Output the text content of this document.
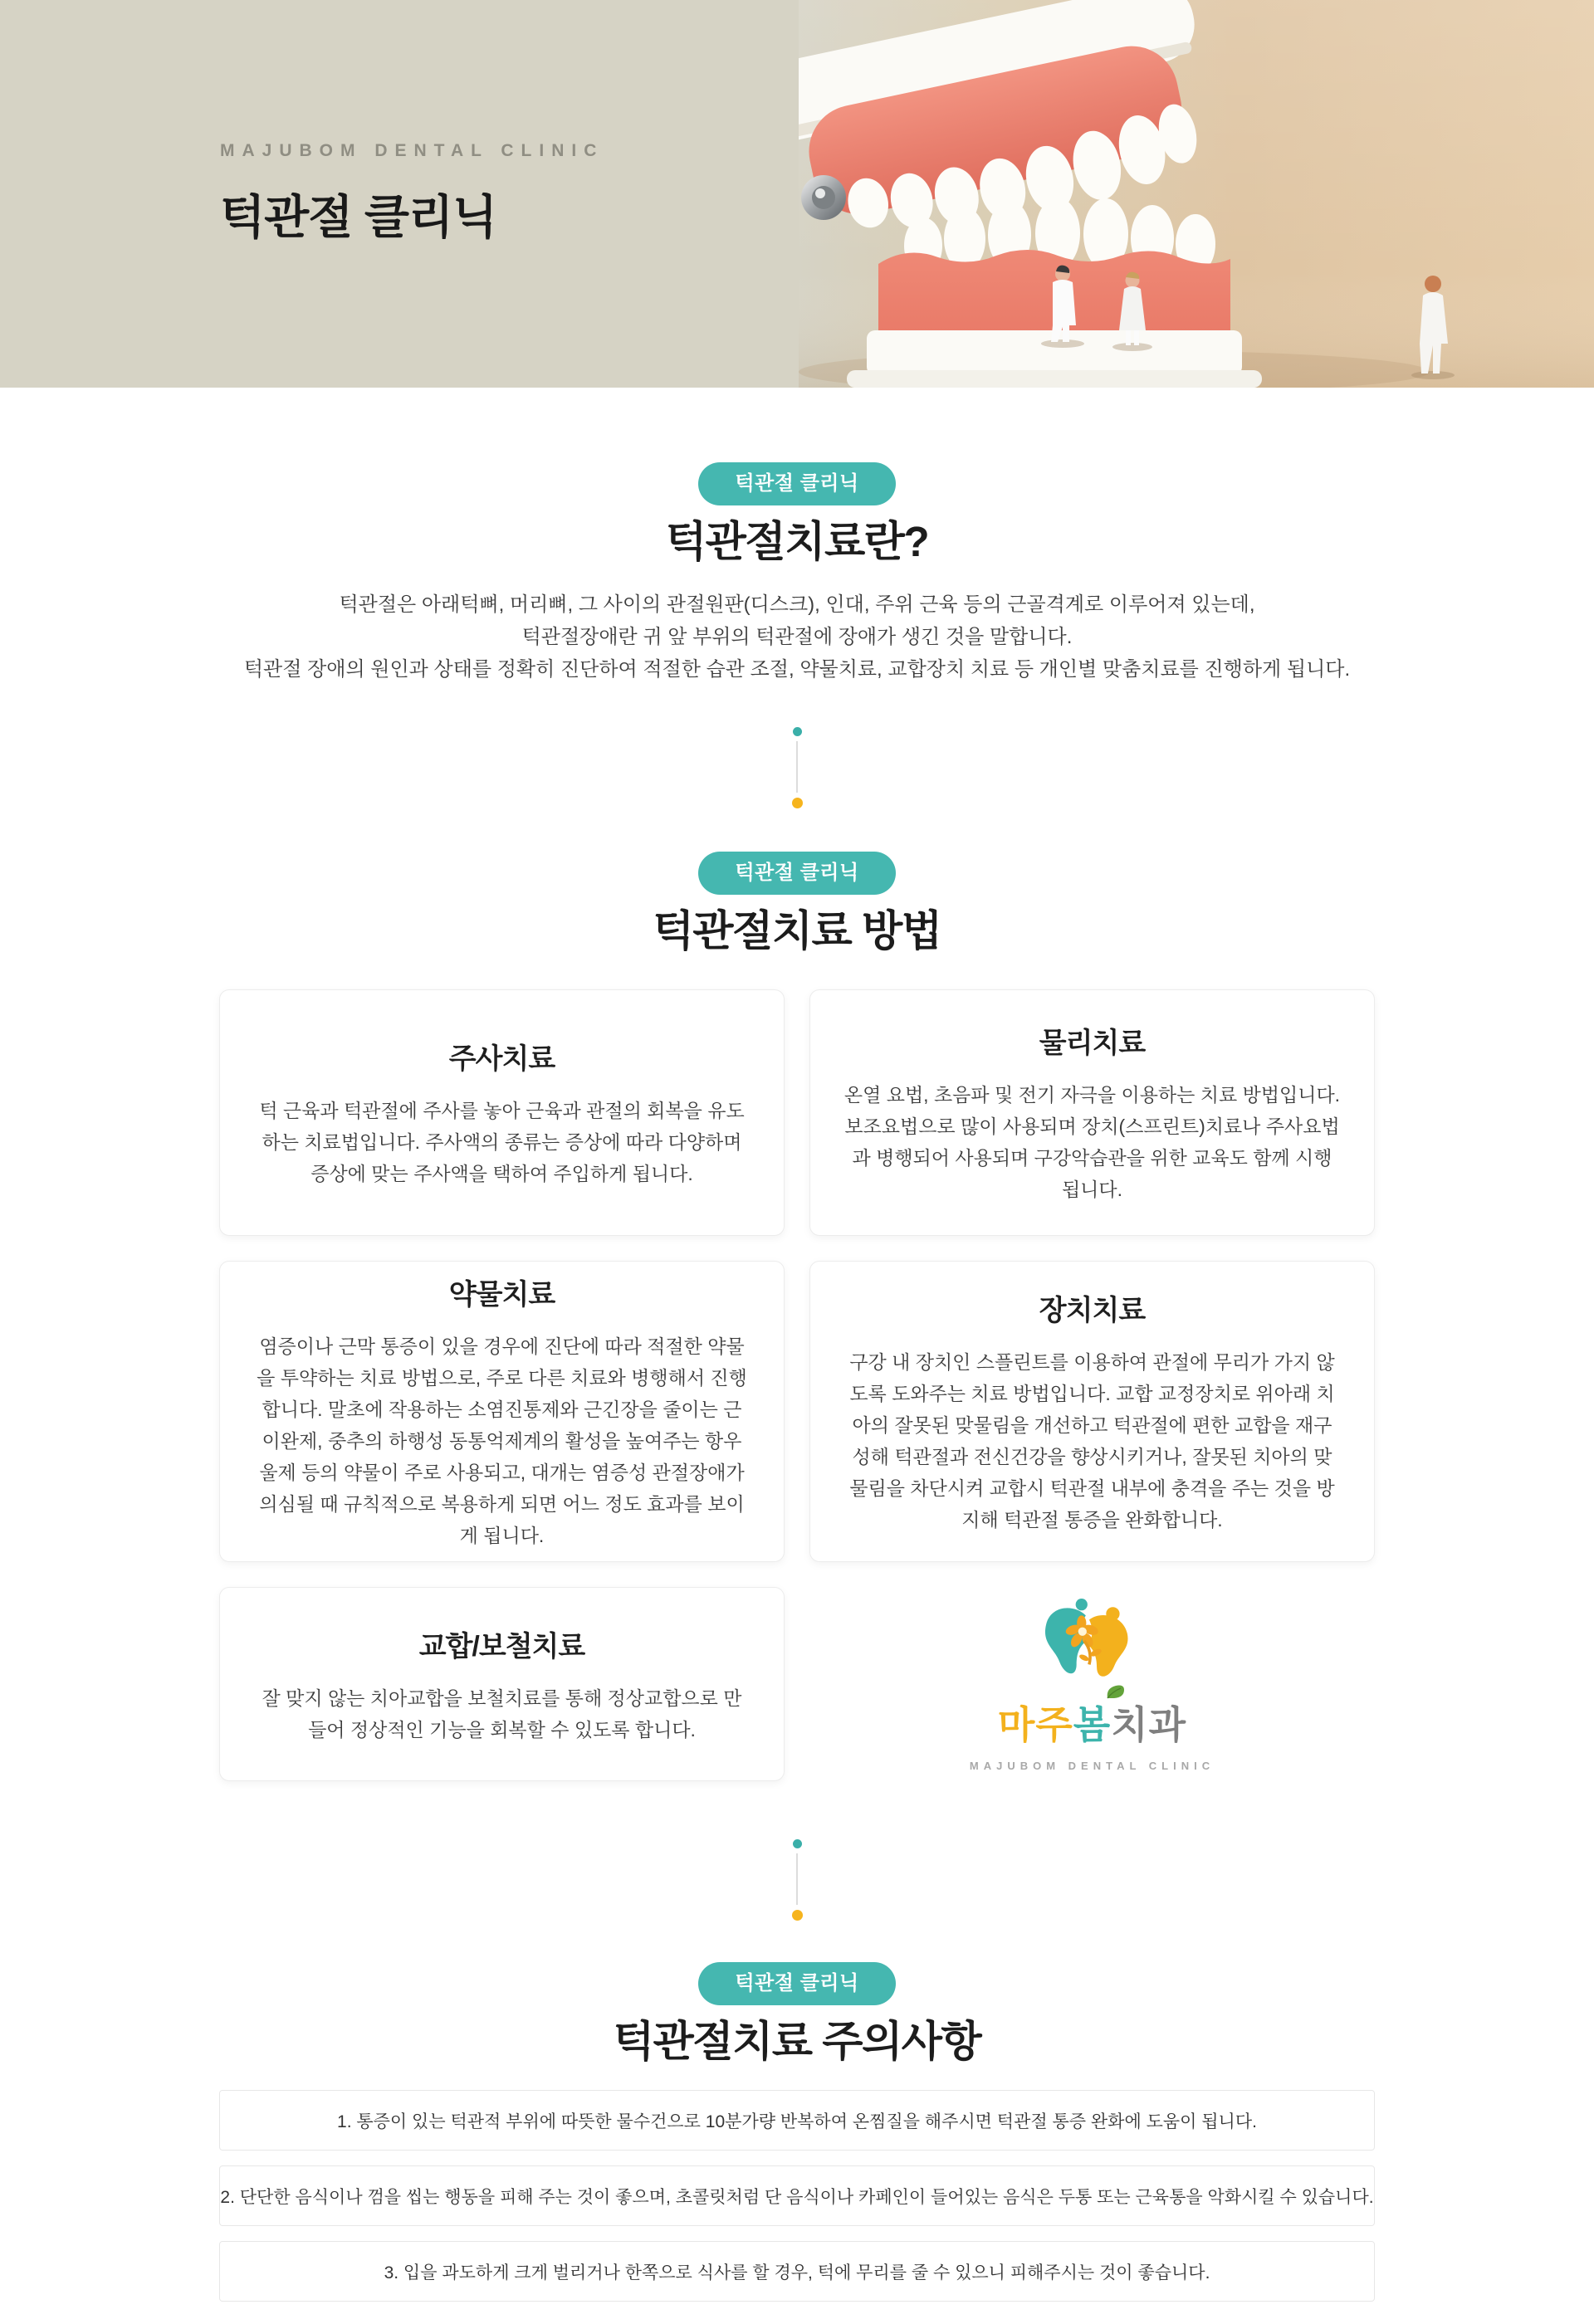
MAJUBOM DENTAL CLINIC
턱관절 클리닉
턱관절 클리닉
턱관절치료란?

턱관절은 아래턱뼈, 머리뼈, 그 사이의 관절원판(디스크), 인대, 주위 근육 등의 근골격계로 이루어져 있는데,

턱관절장애란 귀 앞 부위의 턱관절에 장애가 생긴 것을 말합니다.

턱관절 장애의 원인과 상태를 정확히 진단하여 적절한 습관 조절, 약물치료, 교합장치 치료 등 개인별 맞춤치료를 진행하게 됩니다.

턱관절 클리닉
턱관절치료 방법
주사치료
턱 근육과 턱관절에 주사를 놓아 근육과 관절의 회복을 유도하는 치료법입니다. 주사액의 종류는 증상에 따라 다양하며 증상에 맞는 주사액을 택하여 주입하게 됩니다.
물리치료
온열 요법, 초음파 및 전기 자극을 이용하는 치료 방법입니다. 보조요법으로 많이 사용되며 장치(스프린트)치료나 주사요법과 병행되어 사용되며 구강악습관을 위한 교육도 함께 시행됩니다.
약물치료
염증이나 근막 통증이 있을 경우에 진단에 따라 적절한 약물을 투약하는 치료 방법으로, 주로 다른 치료와 병행해서 진행합니다. 말초에 작용하는 소염진통제와 근긴장을 줄이는 근이완제, 중추의 하행성 동통억제계의 활성을 높여주는 항우울제 등의 약물이 주로 사용되고, 대개는 염증성 관절장애가 의심될 때 규칙적으로 복용하게 되면 어느 정도 효과를 보이게 됩니다.
장치치료
구강 내 장치인 스플린트를 이용하여 관절에 무리가 가지 않도록 도와주는 치료 방법입니다. 교합 교정장치로 위아래 치아의 잘못된 맞물림을 개선하고 턱관절에 편한 교합을 재구성해 턱관절과 전신건강을 향상시키거나, 잘못된 치아의 맞물림을 차단시켜 교합시 턱관절 내부에 충격을 주는 것을 방지해 턱관절 통증을 완화합니다.
교합/보철치료
잘 맞지 않는 치아교합을 보철치료를 통해 정상교합으로 만들어 정상적인 기능을 회복할 수 있도록 합니다.	마주봄치과
MAJUBOM DENTAL CLINIC
턱관절 클리닉
턱관절치료 주의사항
1. 통증이 있는 턱관적 부위에 따뜻한 물수건으로 10분가량 반복하여 온찜질을 해주시면 턱관절 통증 완화에 도움이 됩니다.
2. 단단한 음식이나 껌을 씹는 행동을 피해 주는 것이 좋으며, 초콜릿처럼 단 음식이나 카페인이 들어있는 음식은 두통 또는 근육통을 악화시킬 수 있습니다.
3. 입을 과도하게 크게 벌리거나 한쪽으로 식사를 할 경우, 턱에 무리를 줄 수 있으니 피해주시는 것이 좋습니다.
